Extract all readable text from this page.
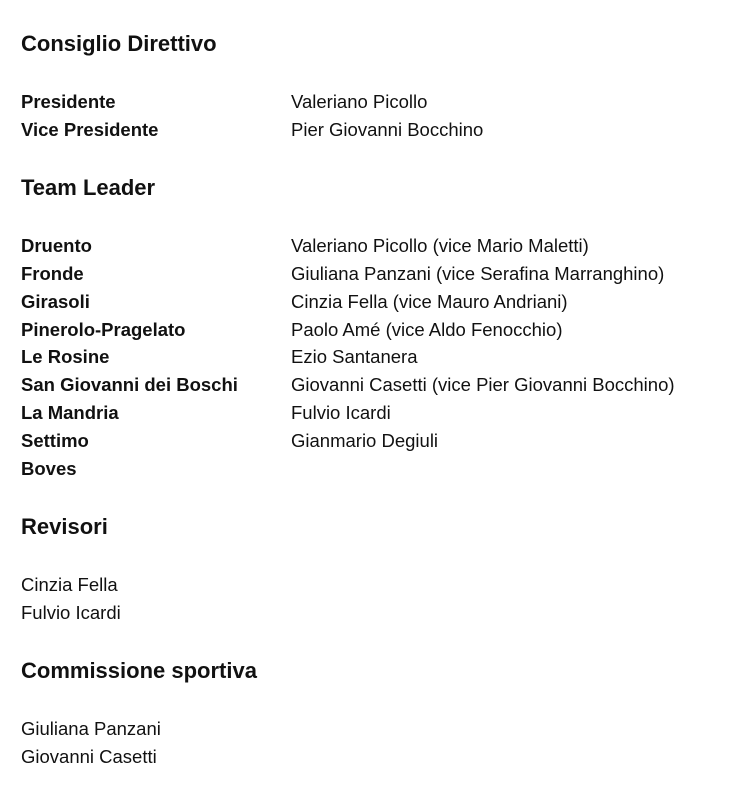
Consiglio Direttivo
Presidente	Valeriano Picollo
Vice Presidente	Pier Giovanni Bocchino
Team Leader
Druento	Valeriano Picollo (vice Mario Maletti)
Fronde	Giuliana Panzani (vice Serafina Marranghino)
Girasoli	Cinzia Fella (vice Mauro Andriani)
Pinerolo-Pragelato	Paolo Amé (vice Aldo Fenocchio)
Le Rosine	Ezio Santanera
San Giovanni dei Boschi	Giovanni Casetti (vice Pier Giovanni Bocchino)
La Mandria	Fulvio Icardi
Settimo	Gianmario Degiuli
Boves
Revisori
Cinzia Fella
Fulvio Icardi
Commissione sportiva
Giuliana Panzani
Giovanni Casetti
